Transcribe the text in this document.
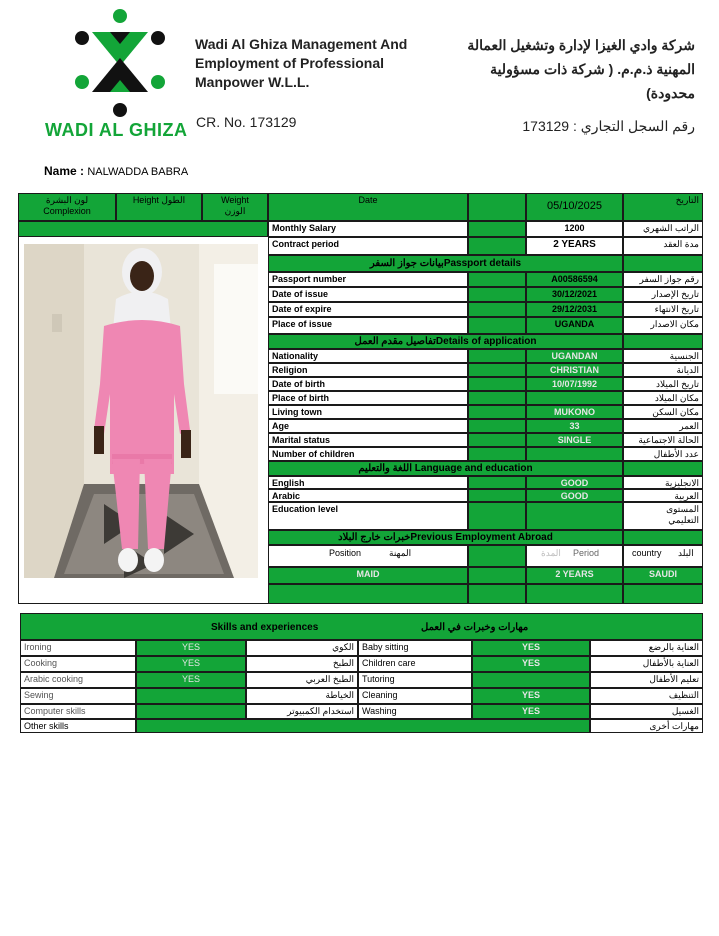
WADI AL GHIZA
Wadi Al Ghiza Management And
Employment of Professional
Manpower W.L.L.
CR. No. 173129
شركة وادي الغيزا لإدارة وتشغيل العمالة
المهنية ذ.م.م. ( شركة ذات مسؤولية
محدودة)
رقم السجل التجاري : 173129
Name : NALWADDA BABRA
لون البشرة
Complexion
Height الطول	Weight
الوزن
Date	05/10/2025	التاريخ
Monthly Salary	1200	الراتب الشهري
Contract period	2 YEARS	مدة العقد
بيانات جواز السفرPassport details
Passport number	A00586594	رقم جواز السفر
Date of issue	30/12/2021	تاريخ الإصدار
Date of expire	29/12/2031	تاريخ الانتهاء
Place of issue	UGANDA	مكان الاصدار
تفاصيل مقدم العملDetails of application
Nationality	UGANDAN	الجنسية
Religion	CHRISTIAN	الديانة
Date of birth	10/07/1992	تاريخ الميلاد
Place of birth	مكان الميلاد
Living town	MUKONO	مكان السكن
Age	33	العمر
Marital status	SINGLE	الحالة الاجتماعية
Number of children	عدد الأطفال
اللغة والتعليم Language and education
English	GOOD	الانجليزية
Arabic	GOOD	العربية
Education level	المستوى
التعليمي
خبرات خارج البلادPrevious Employment Abroad
Position	المهنة	المدة Period	country البلد
MAID	2 YEARS	SAUDI
Skills and experiences	مهارات وخبرات في العمل
Ironing	YES	الكوي Baby sitting	YES	العناية بالرضع
Cooking	YES	الطبخ Children care	YES	العناية بالأطفال
Arabic cooking	YES	الطبخ العربي Tutoring	تعليم الأطفال
Sewing	الخياطة Cleaning	YES	التنظيف
Computer skills	استخدام الكمبيوتر Washing	YES	الغسيل
Other skills	مهارات أخرى
